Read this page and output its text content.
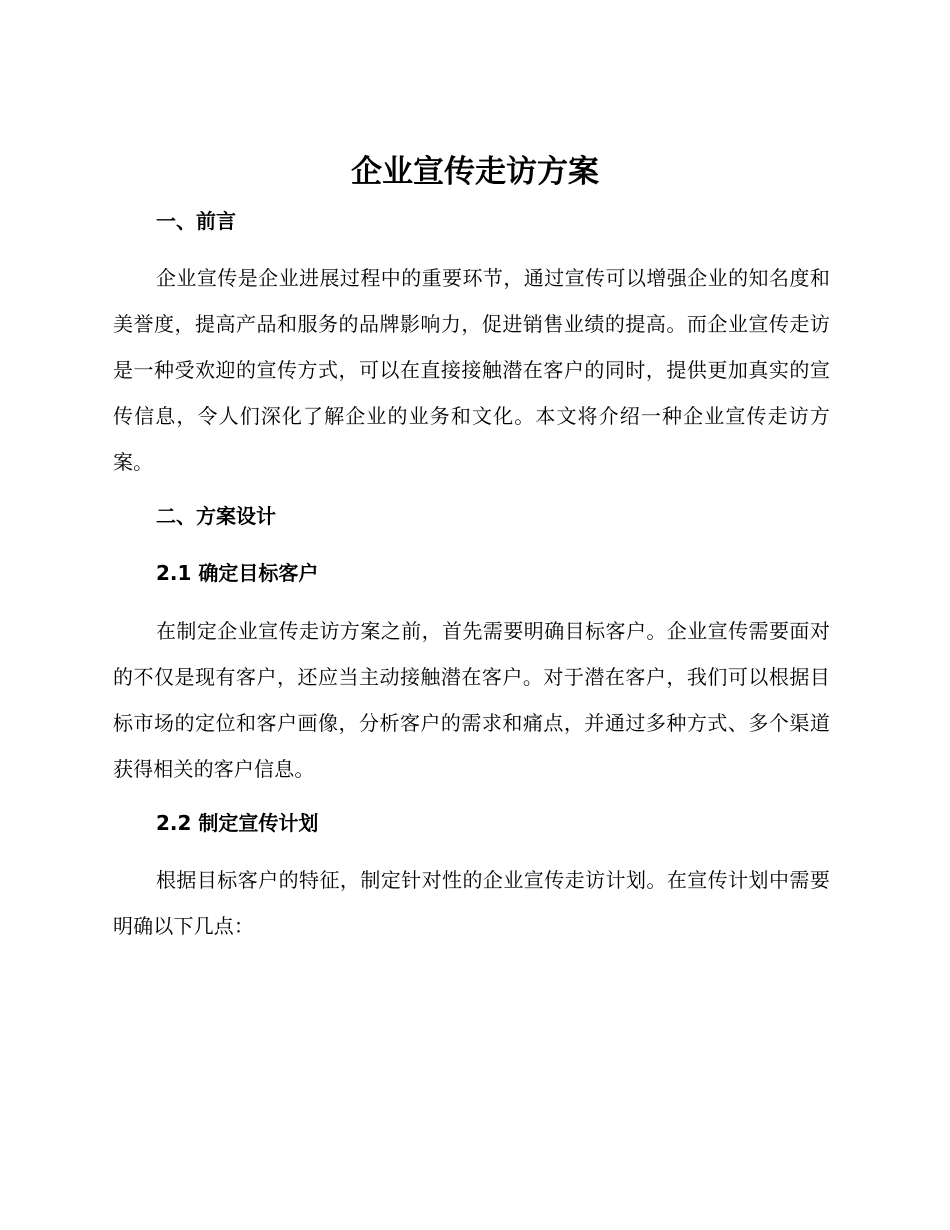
企业宣传走访方案
一、前言

企业宣传是企业进展过程中的重要环节，通过宣传可以增强企业的知名度和美誉度，提高产品和服务的品牌影响力，促进销售业绩的提高。而企业宣传走访是一种受欢迎的宣传方式，可以在直接接触潜在客户的同时，提供更加真实的宣传信息，令人们深化了解企业的业务和文化。本文将介绍一种企业宣传走访方案。

二、方案设计
2.1 确定目标客户

在制定企业宣传走访方案之前，首先需要明确目标客户。企业宣传需要面对的不仅是现有客户，还应当主动接触潜在客户。对于潜在客户，我们可以根据目标市场的定位和客户画像，分析客户的需求和痛点，并通过多种方式、多个渠道获得相关的客户信息。

2.2 制定宣传计划

根据目标客户的特征，制定针对性的企业宣传走访计划。在宣传计划中需要明确以下几点：
